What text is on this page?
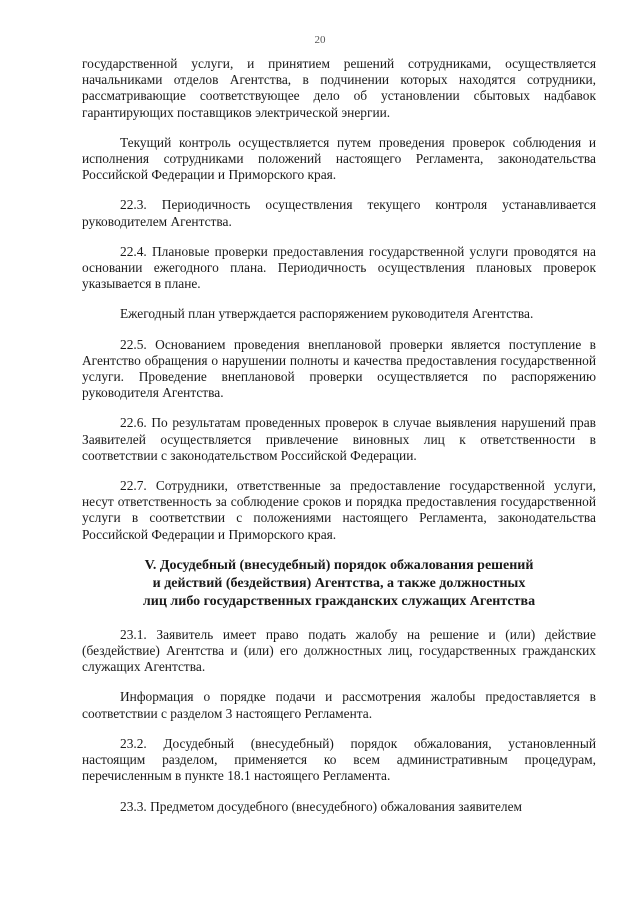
20

государственной услуги, и принятием решений сотрудниками, осуществляется начальниками отделов Агентства, в подчинении которых находятся сотрудники, рассматривающие соответствующее дело об установлении сбытовых надбавок гарантирующих поставщиков электрической энергии.

Текущий контроль осуществляется путем проведения проверок соблюдения и исполнения сотрудниками положений настоящего Регламента, законодательства Российской Федерации и Приморского края.

22.3. Периодичность осуществления текущего контроля устанавливается руководителем Агентства.

22.4. Плановые проверки предоставления государственной услуги проводятся на основании ежегодного плана. Периодичность осуществления плановых проверок указывается в плане.

Ежегодный план утверждается распоряжением руководителя Агентства.

22.5. Основанием проведения внеплановой проверки является поступление в Агентство обращения о нарушении полноты и качества предоставления государственной услуги. Проведение внеплановой проверки осуществляется по распоряжению руководителя Агентства.

22.6. По результатам проведенных проверок в случае выявления нарушений прав Заявителей осуществляется привлечение виновных лиц к ответственности в соответствии с законодательством Российской Федерации.

22.7. Сотрудники, ответственные за предоставление государственной услуги, несут ответственность за соблюдение сроков и порядка предоставления государственной услуги в соответствии с положениями настоящего Регламента, законодательства Российской Федерации и Приморского края.

V. Досудебный (внесудебный) порядок обжалования решений
и действий (бездействия) Агентства, а также должностных
лиц либо государственных гражданских служащих Агентства

23.1. Заявитель имеет право подать жалобу на решение и (или) действие (бездействие) Агентства и (или) его должностных лиц, государственных гражданских служащих Агентства.

Информация о порядке подачи и рассмотрения жалобы предоставляется в соответствии с разделом 3 настоящего Регламента.

23.2. Досудебный (внесудебный) порядок обжалования, установленный настоящим разделом, применяется ко всем административным процедурам, перечисленным в пункте 18.1 настоящего Регламента.

23.3. Предметом досудебного (внесудебного) обжалования заявителем
